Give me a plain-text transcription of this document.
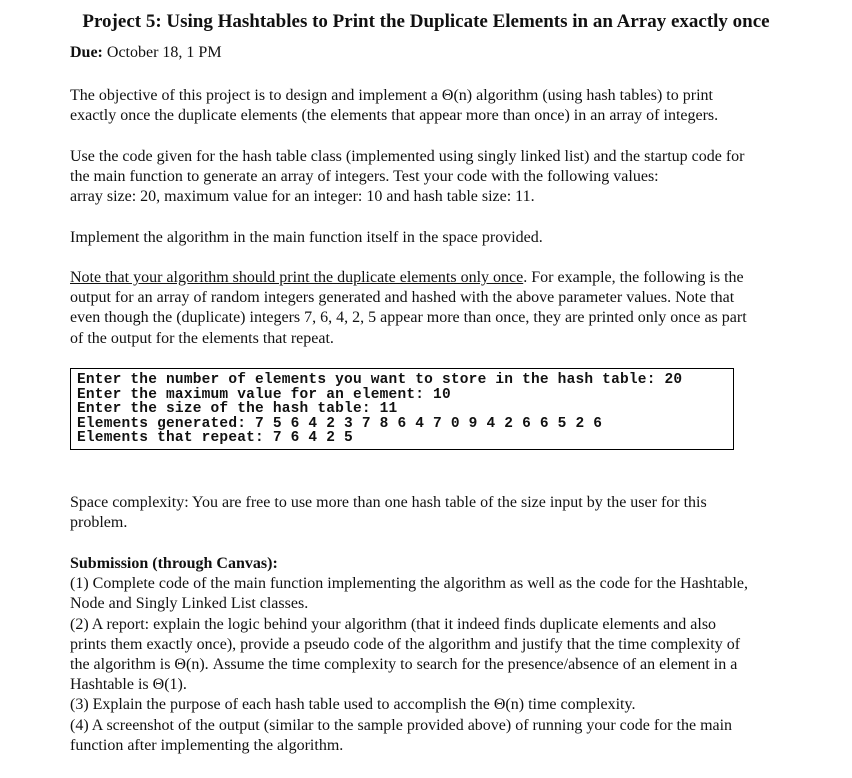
Project 5: Using Hashtables to Print the Duplicate Elements in an Array exactly once
Due: October 18, 1 PM
The objective of this project is to design and implement a Θ(n) algorithm (using hash tables) to print
exactly once the duplicate elements (the elements that appear more than once) in an array of integers.
Use the code given for the hash table class (implemented using singly linked list) and the startup code for
the main function to generate an array of integers. Test your code with the following values:
array size: 20, maximum value for an integer: 10 and hash table size: 11.
Implement the algorithm in the main function itself in the space provided.
Note that your algorithm should print the duplicate elements only once. For example, the following is the
output for an array of random integers generated and hashed with the above parameter values. Note that
even though the (duplicate) integers 7, 6, 4, 2, 5 appear more than once, they are printed only once as part
of the output for the elements that repeat.
Enter the number of elements you want to store in the hash table: 20
Enter the maximum value for an element: 10
Enter the size of the hash table: 11
Elements generated: 7 5 6 4 2 3 7 8 6 4 7 0 9 4 2 6 6 5 2 6
Elements that repeat: 7 6 4 2 5
Space complexity: You are free to use more than one hash table of the size input by the user for this
problem.
Submission (through Canvas):
(1) Complete code of the main function implementing the algorithm as well as the code for the Hashtable,
Node and Singly Linked List classes.
(2) A report: explain the logic behind your algorithm (that it indeed finds duplicate elements and also
prints them exactly once), provide a pseudo code of the algorithm and justify that the time complexity of
the algorithm is Θ(n). Assume the time complexity to search for the presence/absence of an element in a
Hashtable is Θ(1).
(3) Explain the purpose of each hash table used to accomplish the Θ(n) time complexity.
(4) A screenshot of the output (similar to the sample provided above) of running your code for the main
function after implementing the algorithm.
